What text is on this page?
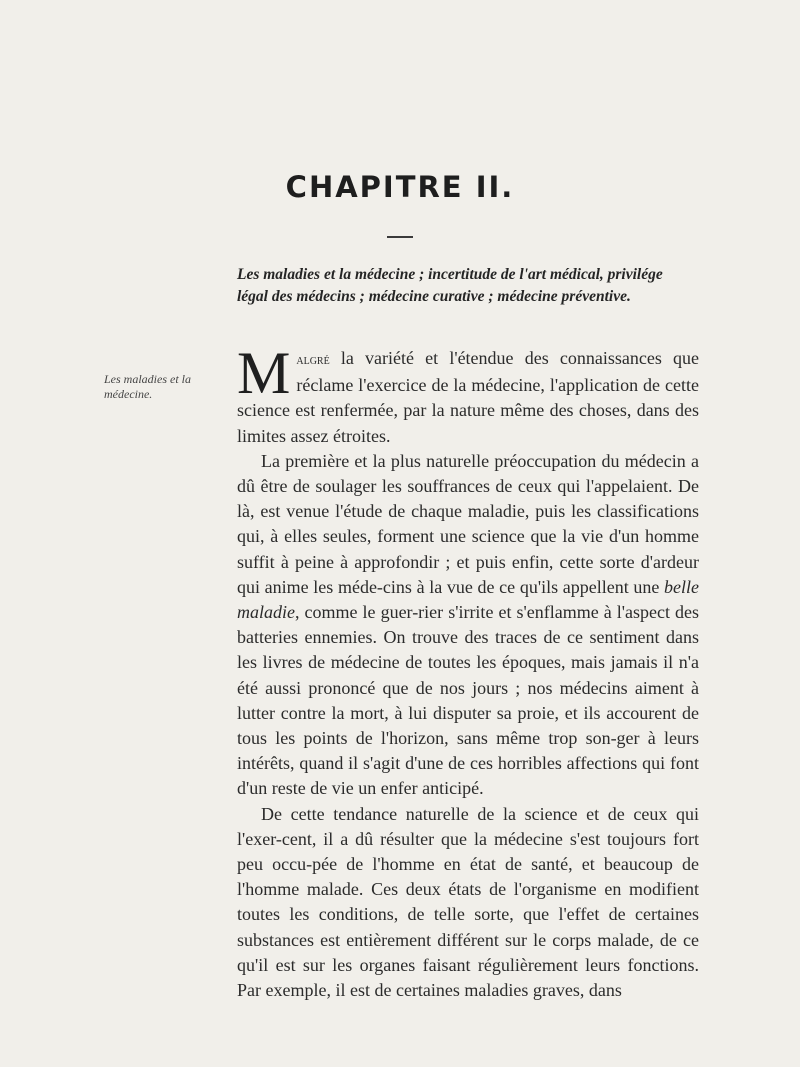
CHAPITRE II.
Les maladies et la médecine ; incertitude de l'art médical, privilége légal des médecins ; médecine curative ; médecine préventive.
Les maladies et la médecine.	Malgré la variété et l'étendue des connaissances que réclame l'exercice de la médecine, l'application de cette science est renfermée, par la nature même des choses, dans des limites assez étroites.

La première et la plus naturelle préoccupation du médecin a dû être de soulager les souffrances de ceux qui l'appelaient. De là, est venue l'étude de chaque maladie, puis les classifications qui, à elles seules, forment une science que la vie d'un homme suffit à peine à approfondir ; et puis enfin, cette sorte d'ardeur qui anime les méde-cins à la vue de ce qu'ils appellent une belle maladie, comme le guer-rier s'irrite et s'enflamme à l'aspect des batteries ennemies. On trouve des traces de ce sentiment dans les livres de médecine de toutes les époques, mais jamais il n'a été aussi prononcé que de nos jours ; nos médecins aiment à lutter contre la mort, à lui disputer sa proie, et ils accourent de tous les points de l'horizon, sans même trop son-ger à leurs intérêts, quand il s'agit d'une de ces horribles affections qui font d'un reste de vie un enfer anticipé.

De cette tendance naturelle de la science et de ceux qui l'exer-cent, il a dû résulter que la médecine s'est toujours fort peu occu-pée de l'homme en état de santé, et beaucoup de l'homme malade. Ces deux états de l'organisme en modifient toutes les conditions, de telle sorte, que l'effet de certaines substances est entièrement différent sur le corps malade, de ce qu'il est sur les organes faisant régulièrement leurs fonctions. Par exemple, il est de certaines maladies graves, dans
